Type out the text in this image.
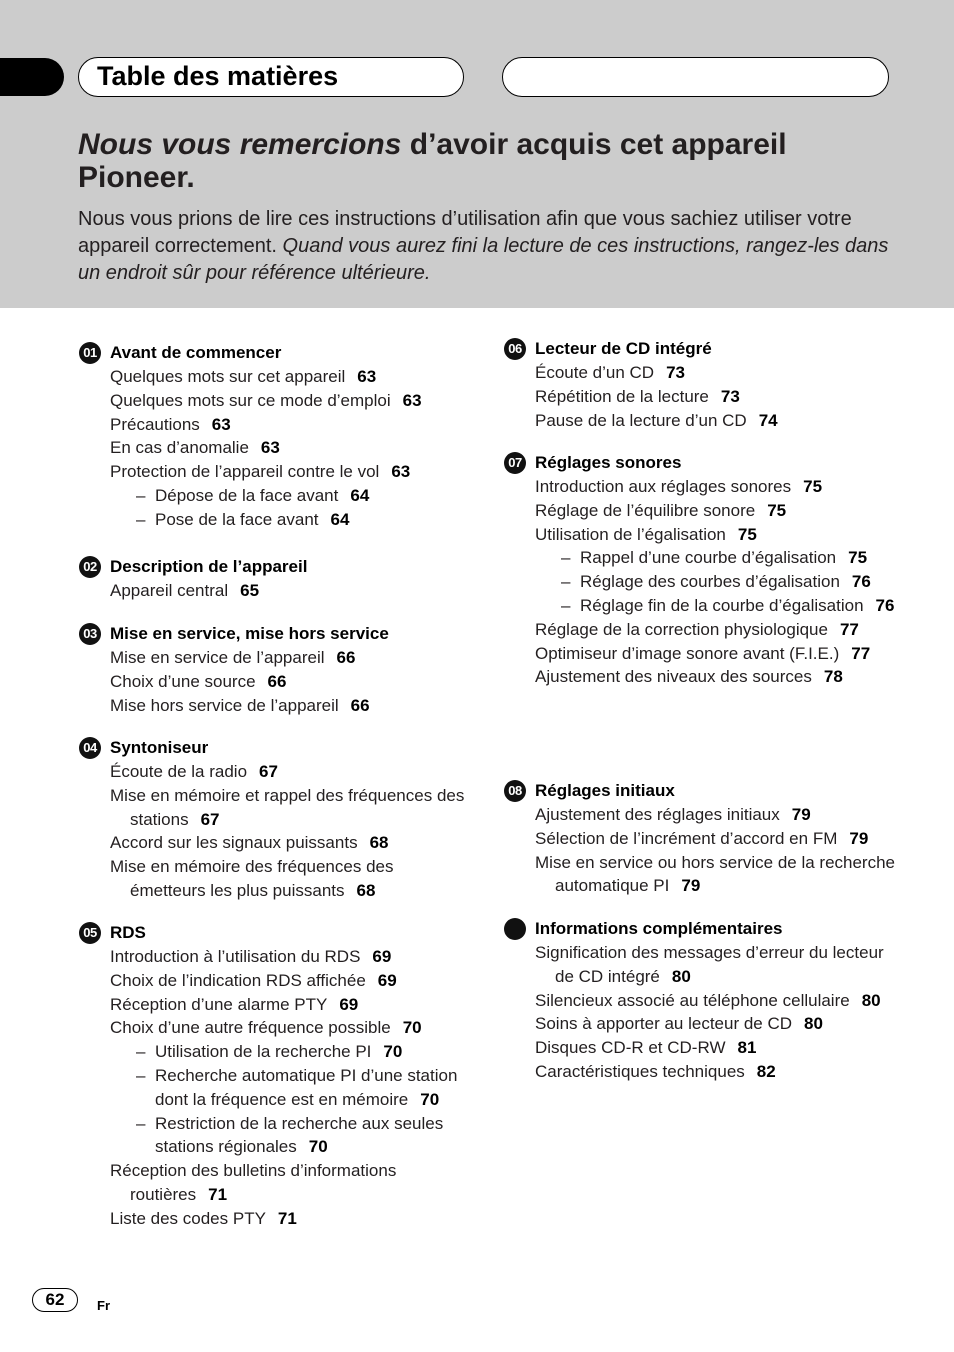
Table des matières
Nous vous remercions d’avoir acquis cet appareil Pioneer.

Nous vous prions de lire ces instructions d’utilisation afin que vous sachiez utiliser votre appareil correctement. Quand vous aurez fini la lecture de ces instructions, rangez-les dans un endroit sûr pour référence ultérieure.

01 Avant de commencer
Quelques mots sur cet appareil 63
Quelques mots sur ce mode d’emploi 63
Précautions 63
En cas d’anomalie 63
Protection de l’appareil contre le vol 63
– Dépose de la face avant 64
– Pose de la face avant 64
02 Description de l’appareil
Appareil central 65
03 Mise en service, mise hors service
Mise en service de l’appareil 66
Choix d’une source 66
Mise hors service de l’appareil 66
04 Syntoniseur
Écoute de la radio 67
Mise en mémoire et rappel des fréquences des stations 67
Accord sur les signaux puissants 68
Mise en mémoire des fréquences des émetteurs les plus puissants 68
05 RDS
Introduction à l’utilisation du RDS 69
Choix de l’indication RDS affichée 69
Réception d’une alarme PTY 69
Choix d’une autre fréquence possible 70
– Utilisation de la recherche PI 70
– Recherche automatique PI d’une station dont la fréquence est en mémoire 70
– Restriction de la recherche aux seules stations régionales 70
Réception des bulletins d’informations routières 71
Liste des codes PTY 71
06 Lecteur de CD intégré
Écoute d’un CD 73
Répétition de la lecture 73
Pause de la lecture d’un CD 74
07 Réglages sonores
Introduction aux réglages sonores 75
Réglage de l’équilibre sonore 75
Utilisation de l’égalisation 75
– Rappel d’une courbe d’égalisation 75
– Réglage des courbes d’égalisation 76
– Réglage fin de la courbe d’égalisation 76
Réglage de la correction physiologique 77
Optimiseur d’image sonore avant (F.I.E.) 77
Ajustement des niveaux des sources 78
08 Réglages initiaux
Ajustement des réglages initiaux 79
Sélection de l’incrément d’accord en FM 79
Mise en service ou hors service de la recherche automatique PI 79
Informations complémentaires
Signification des messages d’erreur du lecteur de CD intégré 80
Silencieux associé au téléphone cellulaire 80
Soins à apporter au lecteur de CD 80
Disques CD-R et CD-RW 81
Caractéristiques techniques 82
62	Fr
